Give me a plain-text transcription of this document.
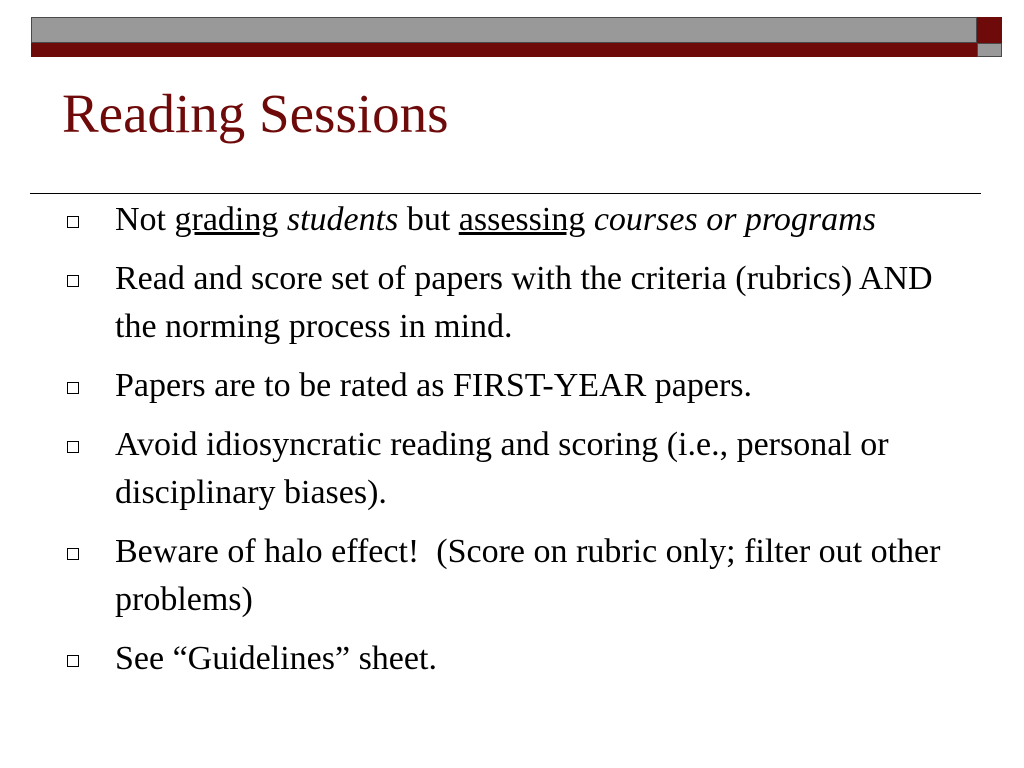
Reading Sessions
Not grading students but assessing courses or programs
Read and score set of papers with the criteria (rubrics) AND the norming process in mind.
Papers are to be rated as FIRST-YEAR papers.
Avoid idiosyncratic reading and scoring (i.e., personal or disciplinary biases).
Beware of halo effect!  (Score on rubric only; filter out other problems)
See “Guidelines” sheet.
